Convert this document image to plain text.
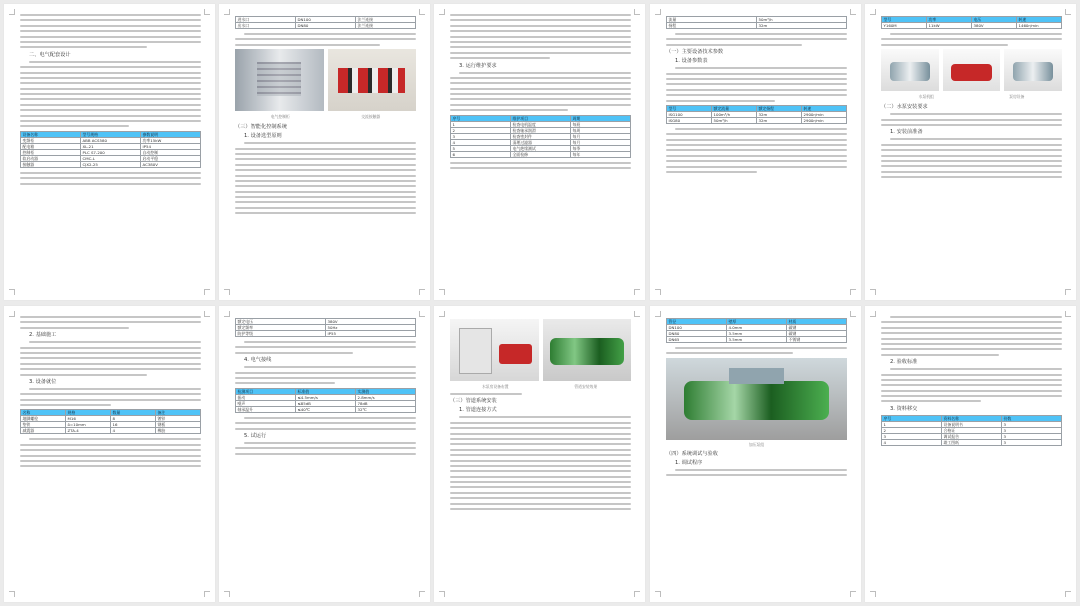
二、电气配套设计
设备名称	型号规格	参数说明
变频柜	ABB ACS580	功率15kW
配电箱	XL-21	IP54
控制柜	PLC S7-200	自动控制
软启动器	CMC-L	启动平稳
接触器	CJX2-25	AC380V
进水口	DN100	法兰连接
出水口	DN80	法兰连接
电气控制柜	交流接触器
（三）智能化控制系统
1. 设备选型原则
3. 运行维护要求
序号	维护项目	周期
1	检查电机温度	每班
2	检查轴承润滑	每周
3	检查密封件	每月
4	清理过滤器	每月
5	电气绝缘测试	每季
6	全面检修	每年
流量	50m³/h
扬程	32m
（一）主要设备技术参数
1. 设备参数表
型号	额定流量	额定扬程	转速
ISG100	100m³/h	32m	2900r/min
ISG80	50m³/h	32m	2900r/min
型号	功率	电压	转速
Y160M	11kW	380V	1460r/min
水泵机组	泵房设备
（二）水泵安装要求
1. 安装前准备
2. 基础施工
3. 设备就位
名称	规格	数量	备注
地脚螺栓	M16	8	镀锌
垫铁	δ=10mm	16	钢板
减震器	ZTA-4	4	橡胶
额定电压	380V
额定频率	50Hz
防护等级	IP55
4. 电气接线
检测项目	标准值	实测值
振动	≤4.5mm/s	2.8mm/s
噪声	≤85dB	78dB
轴承温升	≤40℃	32℃
5. 试运行
水泵房设备布置	管道安装效果
（三）管道系统安装
1. 管道连接方式
管径	壁厚	材质
DN100	4.0mm	碳钢
DN80	3.5mm	碳钢
DN65	3.5mm	不锈钢
加压泵组
（四）系统调试与验收
1. 调试程序
2. 验收标准
3. 资料移交
序号	资料名称	份数
1	设备说明书	3
2	合格证	3
3	调试报告	3
4	竣工图纸	3
